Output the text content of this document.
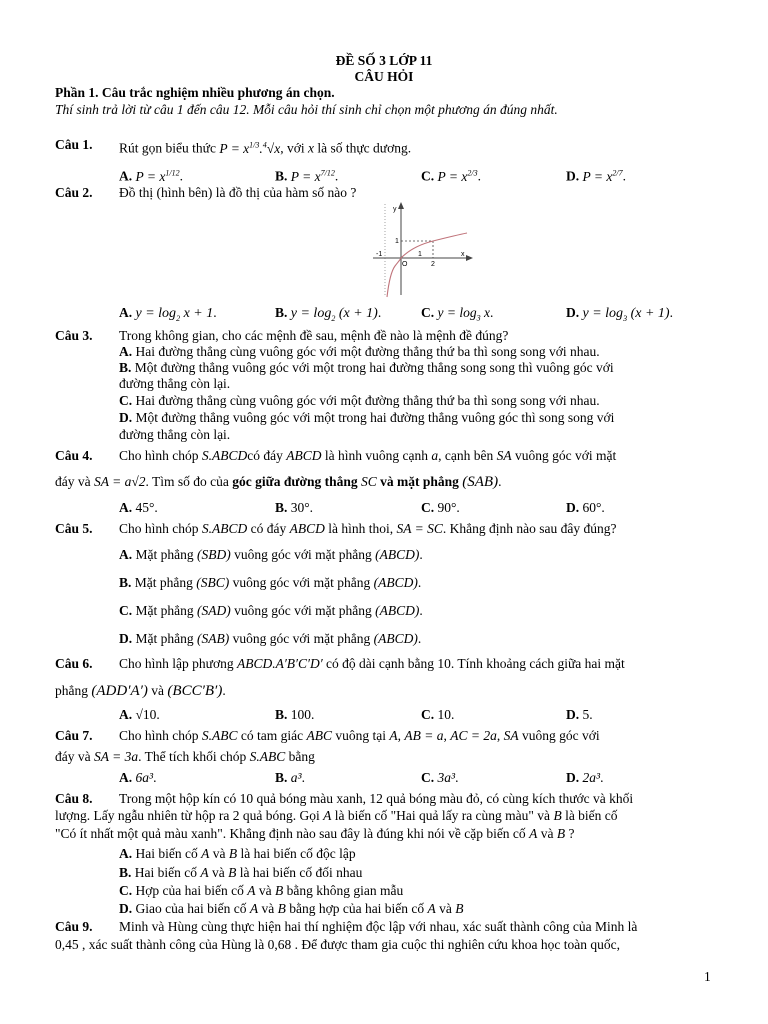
ĐỀ SỐ 3 LỚP 11
CÂU HỎI
Phần 1. Câu trắc nghiệm nhiều phương án chọn.
Thí sinh trả lời từ câu 1 đến câu 12. Mỗi câu hỏi thí sinh chỉ chọn một phương án đúng nhất.
Câu 1. Rút gọn biểu thức $P = x^{1/3}.^4√x$, với x là số thực dương.
A. $P = x^{1/12}$.	B. $P = x^{7/12}$.	C. $P = x^{2/3}$.	D. $P = x^{2/7}$.
Câu 2. Đồ thị (hình bên) là đồ thị của hàm số nào ?
y
x
1
-1
O
1
2
A. $y = \log_2 x + 1$.	B. $y = \log_2 (x + 1)$.	C. $y = \log_3 x$.	D. $y = \log_3 (x + 1)$.
Câu 3. Trong không gian, cho các mệnh đề sau, mệnh đề nào là mệnh đề đúng?
A. Hai đường thẳng cùng vuông góc với một đường thẳng thứ ba thì song song với nhau.
B. Một đường thẳng vuông góc với một trong hai đường thẳng song song thì vuông góc với
đường thẳng còn lại.
C. Hai đường thẳng cùng vuông góc với một đường thẳng thứ ba thì song song với nhau.
D. Một đường thẳng vuông góc với một trong hai đường thẳng vuông góc thì song song với
đường thẳng còn lại.
Câu 4. Cho hình chóp S.ABCDcó đáy ABCD là hình vuông cạnh a, cạnh bên SA vuông góc với mặt
đáy và SA = a√2. Tìm số đo của góc giữa đường thẳng SC và mặt phẳng (SAB).
A. 45°.	B. 30°.	C. 90°.	D. 60°.
Câu 5. Cho hình chóp S.ABCD có đáy ABCD là hình thoi, SA = SC. Khẳng định nào sau đây đúng?
A. Mặt phẳng (SBD) vuông góc với mặt phẳng (ABCD).
B. Mặt phẳng (SBC) vuông góc với mặt phẳng (ABCD).
C. Mặt phẳng (SAD) vuông góc với mặt phẳng (ABCD).
D. Mặt phẳng (SAB) vuông góc với mặt phẳng (ABCD).
Câu 6. Cho hình lập phương ABCD.A′B′C′D′ có độ dài cạnh bằng 10. Tính khoảng cách giữa hai mặt
phẳng (ADD′A′) và (BCC′B′).
A. √10.	B. 100.	C. 10.	D. 5.
Câu 7. Cho hình chóp S.ABC có tam giác ABC vuông tại A, AB = a, AC = 2a, SA vuông góc với
đáy và SA = 3a. Thể tích khối chóp S.ABC bằng
A. 6a³.	B. a³.	C. 3a³.	D. 2a³.
Câu 8. Trong một hộp kín có 10 quả bóng màu xanh, 12 quả bóng màu đỏ, có cùng kích thước và khối
lượng. Lấy ngẫu nhiên từ hộp ra 2 quả bóng. Gọi A là biến cố "Hai quả lấy ra cùng màu" và B là biến cố
"Có ít nhất một quả màu xanh". Khẳng định nào sau đây là đúng khi nói về cặp biến cố A và B ?
A. Hai biến cố A và B là hai biến cố độc lập
B. Hai biến cố A và B là hai biến cố đối nhau
C. Hợp của hai biến cố A và B bằng không gian mẫu
D. Giao của hai biến cố A và B bằng hợp của hai biến cố A và B
Câu 9. Minh và Hùng cùng thực hiện hai thí nghiệm độc lập với nhau, xác suất thành công của Minh là
0,45 , xác suất thành công của Hùng là 0,68 . Để được tham gia cuộc thi nghiên cứu khoa học toàn quốc,
1
